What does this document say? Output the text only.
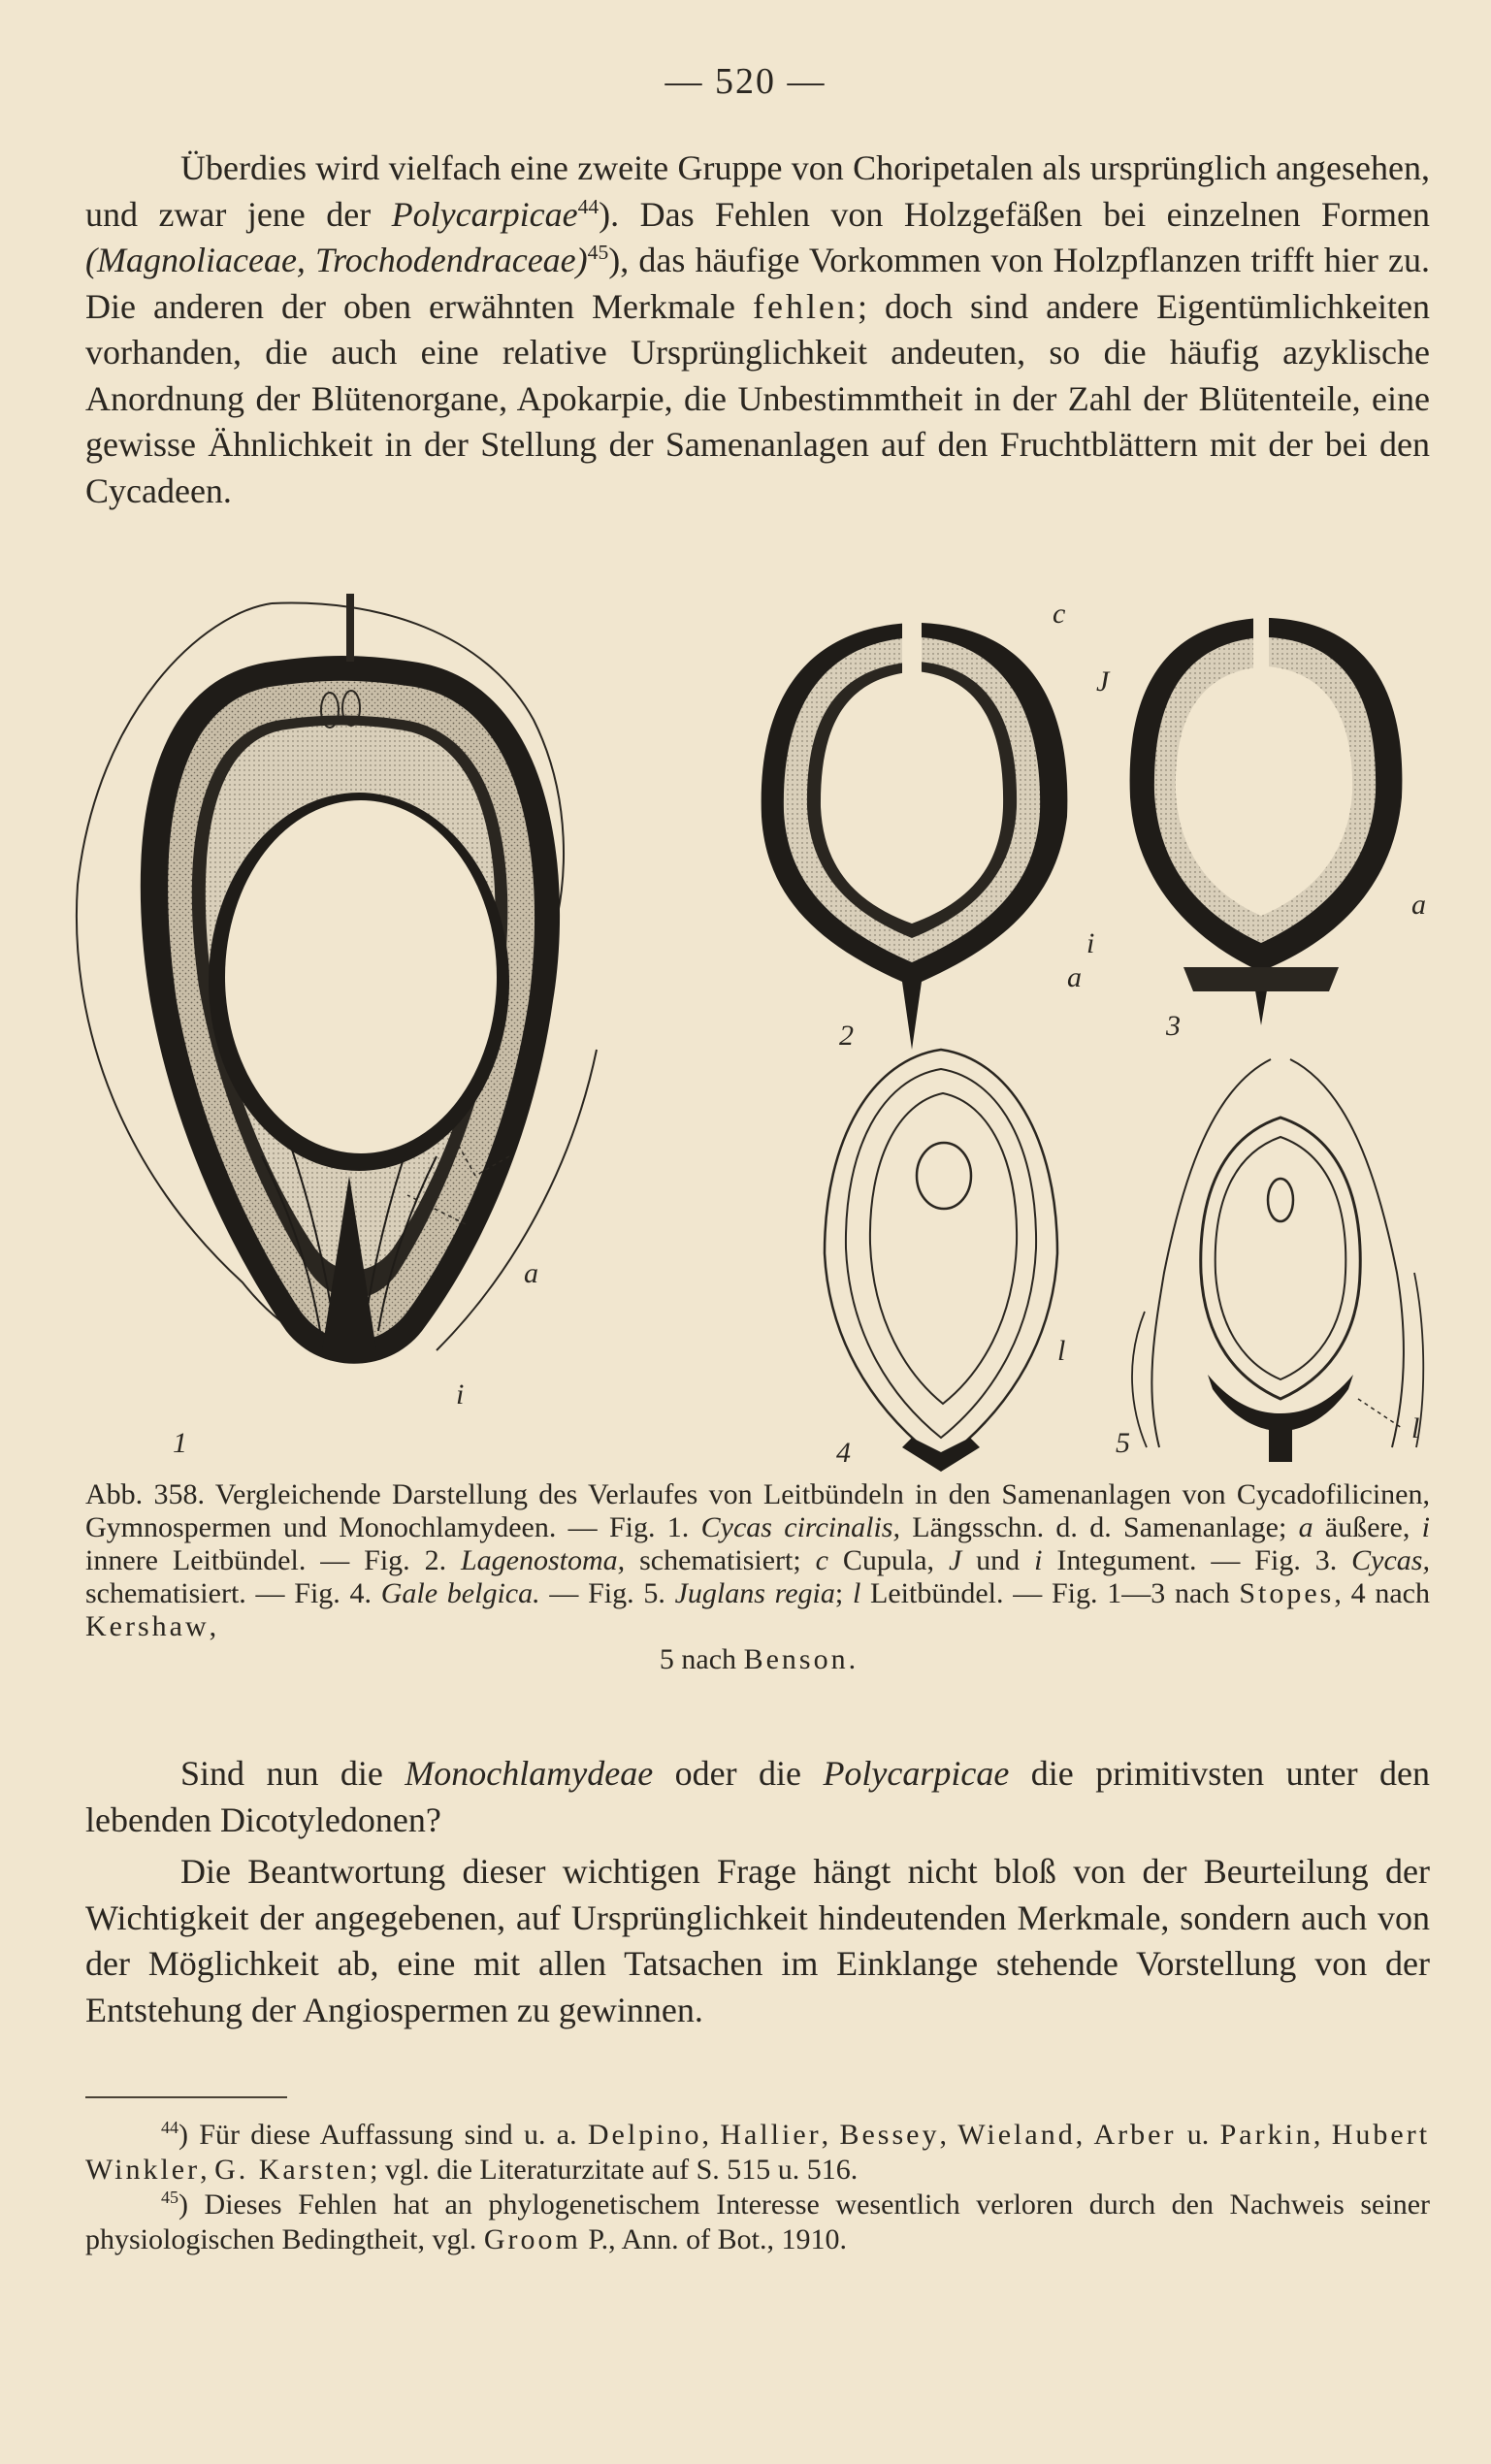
— 520 —

Überdies wird vielfach eine zweite Gruppe von Choripetalen als ursprünglich angesehen, und zwar jene der Polycarpicae$^{44}$). Das Fehlen von Holzgefäßen bei einzelnen Formen (Magnoliaceae, Trochodendraceae)$^{45}$), das häufige Vorkommen von Holzpflanzen trifft hier zu. Die anderen der oben erwähnten Merkmale fehlen; doch sind andere Eigentümlichkeiten vorhanden, die auch eine relative Ursprünglichkeit andeuten, so die häufig azyklische Anordnung der Blütenorgane, Apokarpie, die Unbestimmtheit in der Zahl der Blütenteile, eine gewisse Ähnlichkeit in der Stellung der Samenanlagen auf den Fruchtblättern mit der bei den Cycadeen.

1
a
i
2
c
J
i
a
3
a
4
l
5	l
Abb. 358. Vergleichende Darstellung des Verlaufes von Leitbündeln in den Samenanlagen von Cycadofilicinen, Gymnospermen und Monochlamydeen. — Fig. 1. Cycas circinalis, Längsschn. d. d. Samenanlage; a äußere, i innere Leitbündel. — Fig. 2. Lagenostoma, schematisiert; c Cupula, J und i Integument. — Fig. 3. Cycas, schematisiert. — Fig. 4. Gale belgica. — Fig. 5. Juglans regia; l Leitbündel. — Fig. 1—3 nach Stopes, 4 nach Kershaw,
5 nach Benson.

Sind nun die Monochlamydeae oder die Polycarpicae die primitivsten unter den lebenden Dicotyledonen?

Die Beantwortung dieser wichtigen Frage hängt nicht bloß von der Beurteilung der Wichtigkeit der angegebenen, auf Ursprünglichkeit hindeutenden Merkmale, sondern auch von der Möglichkeit ab, eine mit allen Tatsachen im Einklange stehende Vorstellung von der Entstehung der Angiospermen zu gewinnen.

$^{44}$) Für diese Auffassung sind u. a. Delpino, Hallier, Bessey, Wieland, Arber u. Parkin, Hubert Winkler, G. Karsten; vgl. die Literaturzitate auf S. 515 u. 516.

$^{45}$) Dieses Fehlen hat an phylogenetischem Interesse wesentlich verloren durch den Nachweis seiner physiologischen Bedingtheit, vgl. Groom P., Ann. of Bot., 1910.
